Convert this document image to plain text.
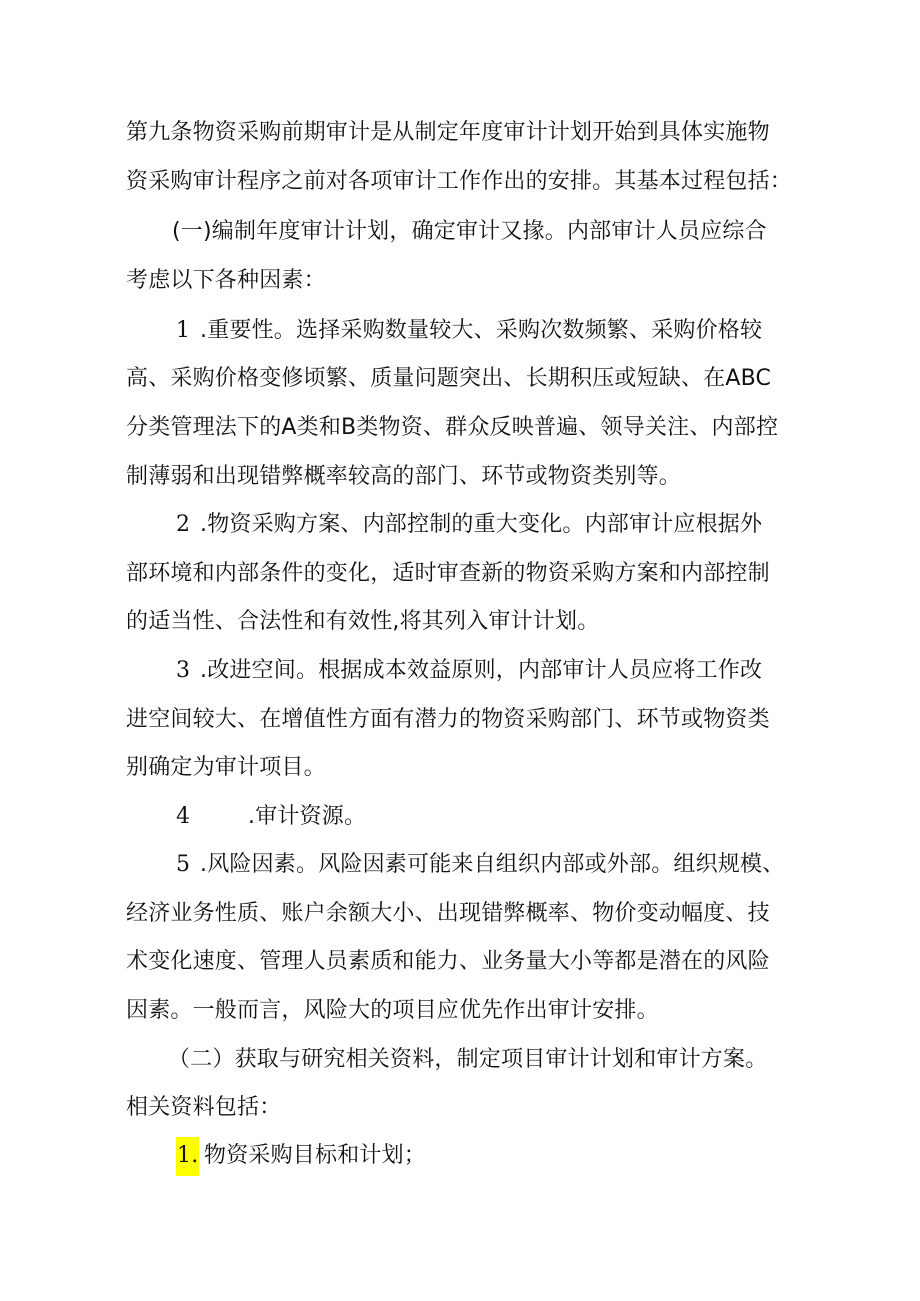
第九条物资采购前期审计是从制定年度审计计划开始到具体实施物
资采购审计程序之前对各项审计工作作出的安排。其基本过程包括：
(一)编制年度审计计划，确定审计又掾。内部审计人员应综合
考虑以下各种因素：
1 .重要性。选择采购数量较大、采购次数频繁、采购价格较
高、采购价格变修顷繁、质量问题突出、长期积压或短缺、在ABC
分类管理法下的A类和B类物资、群众反映普遍、领导关注、内部控
制薄弱和出现错弊概率较高的部门、环节或物资类别等。
2 .物资采购方案、内部控制的重大变化。内部审计应根据外
部环境和内部条件的变化，适时审查新的物资采购方案和内部控制
的适当性、合法性和有效性,将其列入审计计划。
3 .改进空间。根据成本效益原则，内部审计人员应将工作改
进空间较大、在增值性方面有潜力的物资采购部门、环节或物资类
别确定为审计项目。
4	.审计资源。
5 .风险因素。风险因素可能来自组织内部或外部。组织规模、
经济业务性质、账户余额大小、出现错弊概率、物价变动幅度、技
术变化速度、管理人员素质和能力、业务量大小等都是潜在的风险
因素。一般而言，风险大的项目应优先作出审计安排。
（二）获取与研究相关资料，制定项目审计计划和审计方案。
相关资料包括：
1. 物资采购目标和计划；
